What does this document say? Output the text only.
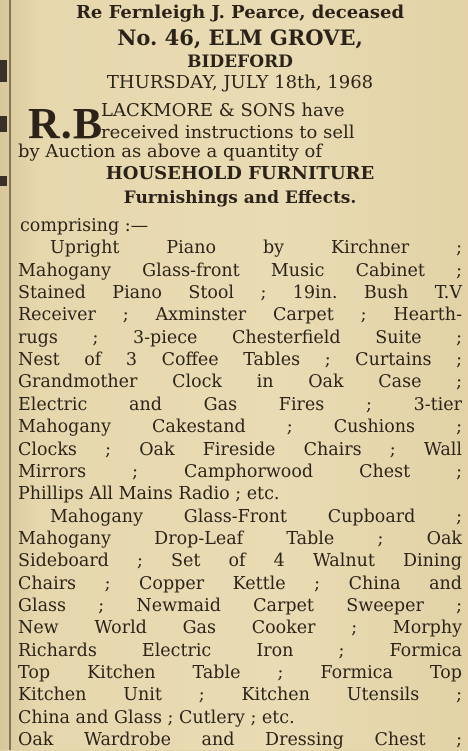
Re Fernleigh J. Pearce, deceased
No. 46, ELM GROVE,
BIDEFORD
THURSDAY, JULY 18th, 1968
R.B
LACKMORE & SONS have
received instructions to sell
by Auction as above a quantity of
HOUSEHOLD FURNITURE
Furnishings and Effects.
comprising :—
Upright Piano by Kirchner ;
Mahogany Glass-front Music Cabinet ;
Stained Piano Stool ; 19in. Bush T.V
Receiver ; Axminster Carpet ; Hearth-
rugs ; 3-piece Chesterfield Suite ;
Nest of 3 Coffee Tables ; Curtains ;
Grandmother Clock in Oak Case ;
Electric and Gas Fires ; 3-tier
Mahogany Cakestand ; Cushions ;
Clocks ; Oak Fireside Chairs ; Wall
Mirrors ; Camphorwood Chest ;
Phillips All Mains Radio ; etc.
Mahogany Glass-Front Cupboard ;
Mahogany Drop-Leaf Table ; Oak
Sideboard ; Set of 4 Walnut Dining
Chairs ; Copper Kettle ; China and
Glass ; Newmaid Carpet Sweeper ;
New World Gas Cooker ; Morphy
Richards Electric Iron ; Formica
Top Kitchen Table ; Formica Top
Kitchen Unit ; Kitchen Utensils ;
China and Glass ; Cutlery ; etc.
Oak Wardrobe and Dressing Chest ;
